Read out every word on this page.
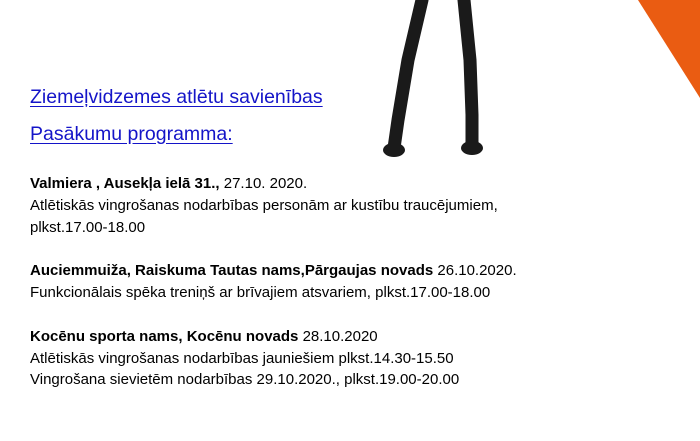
Ziemeļvidzemes atlētu savienības
Pasākumu programma:
Valmiera , Ausekļa ielā 31., 27.10. 2020.
Atlētiskās vingrošanas nodarbības personām ar kustību traucējumiem,
plkst.17.00-18.00
Auciemmuiža, Raiskuma Tautas nams,Pārgaujas novads 26.10.2020.
Funkcionālais spēka treniņš ar brīvajiem atsvariem, plkst.17.00-18.00
Kocēnu sporta nams, Kocēnu novads 28.10.2020
Atlētiskās vingrošanas nodarbības jauniešiem plkst.14.30-15.50
Vingrošana sievietēm nodarbības 29.10.2020., plkst.19.00-20.00
